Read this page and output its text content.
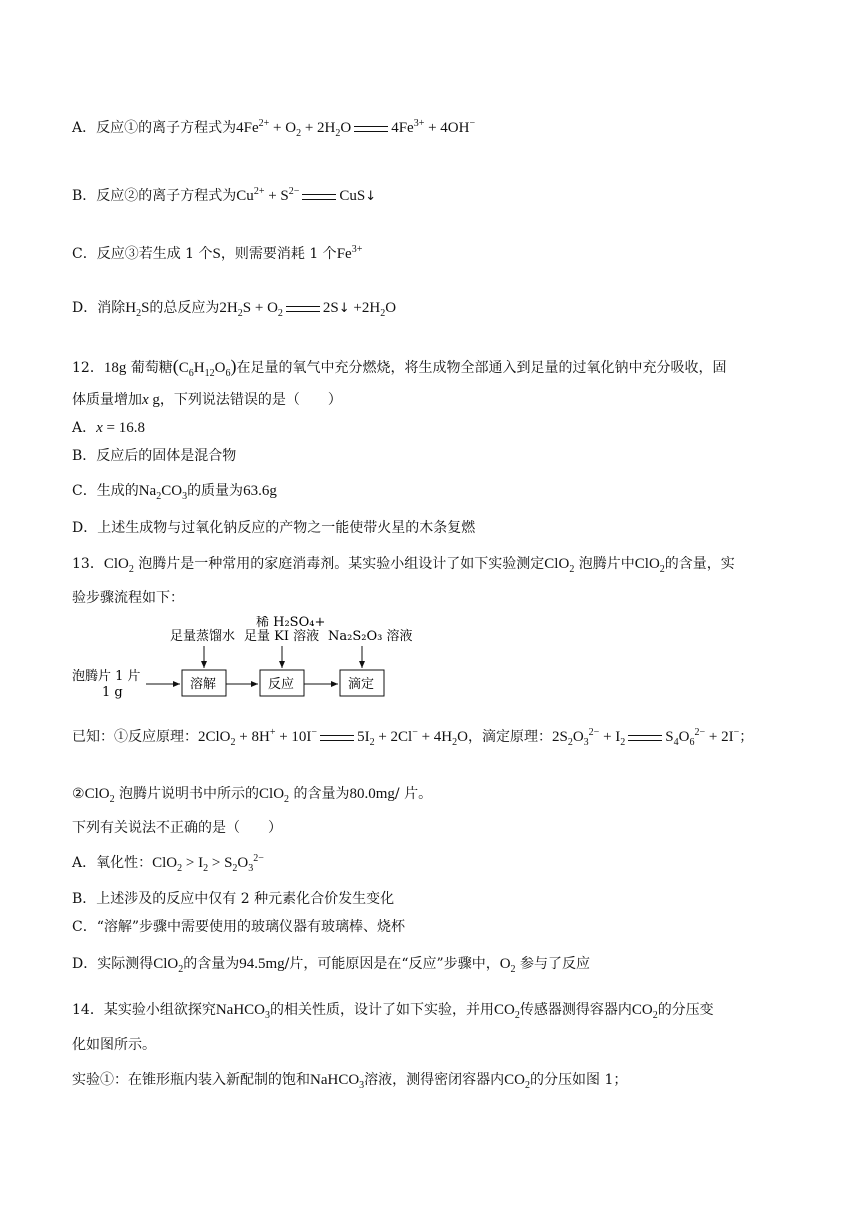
A．反应①的离子方程式为$4Fe^{2+} + O_2 + 2H_2O$	$4Fe^{3+} + 4OH^-$
B．反应②的离子方程式为$Cu^{2+} + S^{2-}$	CuS↓
C．反应③若生成 1 个S，则需要消耗 1 个$Fe^{3+}$
D．消除$H_2S$的总反应为$2H_2S + O_2$	2S↓ $+2H_2O$
12．18g 葡萄糖$(C_6H_{12}O_6)$在足量的氧气中充分燃烧，将生成物全部通入到足量的过氧化钠中充分吸收，固
体质量增加x g，下列说法错误的是（　　）
A．x = 16.8
B．反应后的固体是混合物
C．生成的$Na_2CO_3$的质量为63.6g
D．上述生成物与过氧化钠反应的产物之一能使带火星的木条复燃
13．ClO$_2$ 泡腾片是一种常用的家庭消毒剂。某实验小组设计了如下实验测定ClO$_2$ 泡腾片中ClO$_2$的含量，实
验步骤流程如下：
泡腾片 1 片
1 g
溶解
足量蒸馏水
反应
稀 H₂SO₄+
足量 KI 溶液
滴定
Na₂S₂O₃ 溶液
已知：①反应原理：2ClO$_2$ + 8H+ + 10I−	$5I_2 + 2Cl^- + 4H_2O$，滴定原理：$2S_2O_3^{2-} + I_2$	$S_4O_6^{2-} + 2I^-$；
②ClO$_2$ 泡腾片说明书中所示的ClO$_2$ 的含量为80.0mg/ 片。
下列有关说法不正确的是（　　）
A．氧化性：$ClO_2 > I_2 > S_2O_3^{2-}$
B．上述涉及的反应中仅有 2 种元素化合价发生变化
C．“溶解”步骤中需要使用的玻璃仪器有玻璃棒、烧杯
D．实际测得ClO$_2$的含量为94.5mg/片，可能原因是在“反应”步骤中，$O_2$ 参与了反应
14．某实验小组欲探究NaHCO$_3$的相关性质，设计了如下实验，并用$CO_2$传感器测得容器内$CO_2$的分压变
化如图所示。
实验①：在锥形瓶内装入新配制的饱和NaHCO$_3$溶液，测得密闭容器内$CO_2$的分压如图 1；
